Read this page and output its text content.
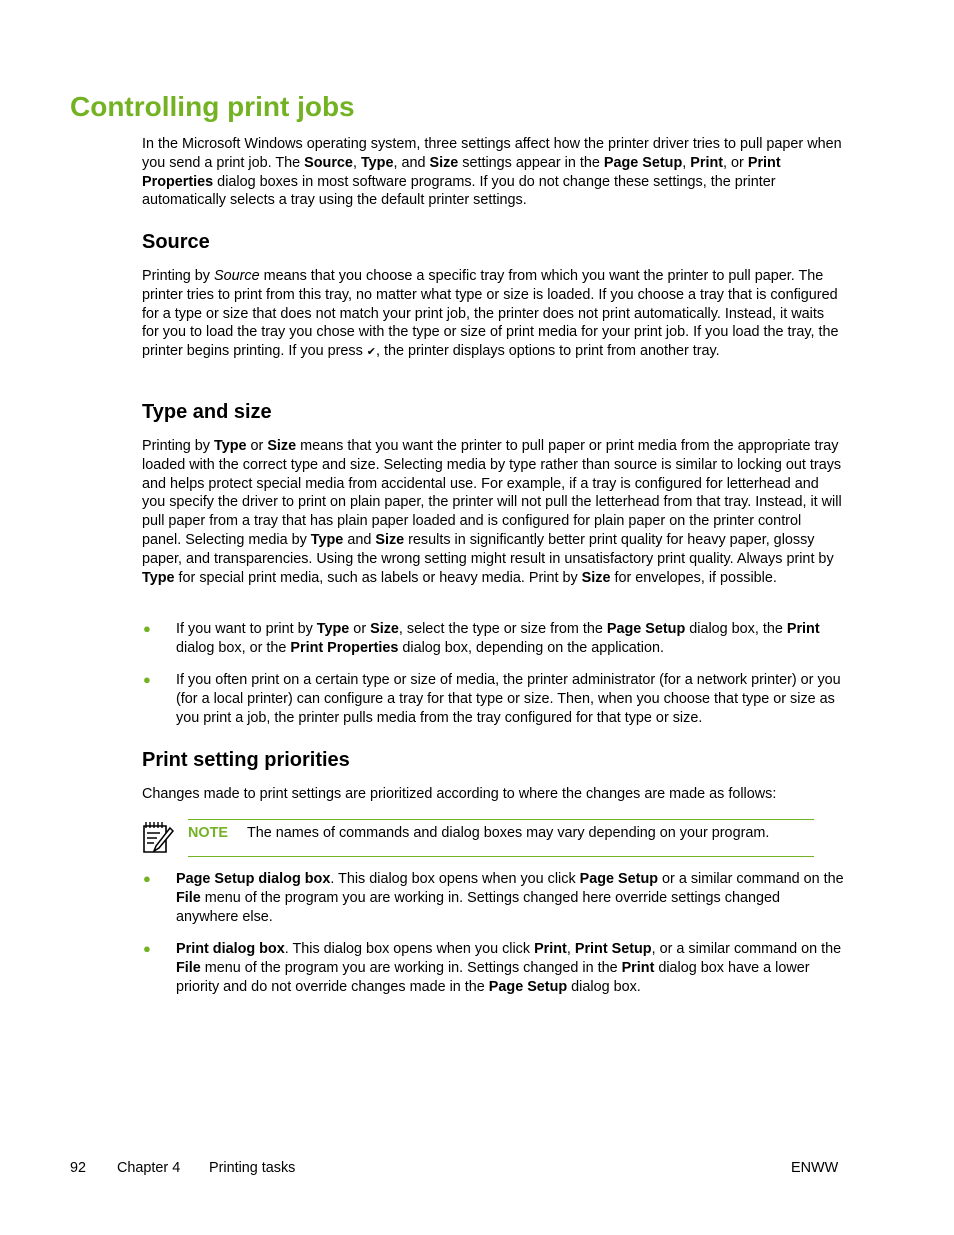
Controlling print jobs

In the Microsoft Windows operating system, three settings affect how the printer driver tries to pull paper when you send a print job. The Source, Type, and Size settings appear in the Page Setup, Print, or Print Properties dialog boxes in most software programs. If you do not change these settings, the printer automatically selects a tray using the default printer settings.

Source

Printing by Source means that you choose a specific tray from which you want the printer to pull paper. The printer tries to print from this tray, no matter what type or size is loaded. If you choose a tray that is configured for a type or size that does not match your print job, the printer does not print automatically. Instead, it waits for you to load the tray you chose with the type or size of print media for your print job. If you load the tray, the printer begins printing. If you press ✔, the printer displays options to print from another tray.

Type and size

Printing by Type or Size means that you want the printer to pull paper or print media from the appropriate tray loaded with the correct type and size. Selecting media by type rather than source is similar to locking out trays and helps protect special media from accidental use. For example, if a tray is configured for letterhead and you specify the driver to print on plain paper, the printer will not pull the letterhead from that tray. Instead, it will pull paper from a tray that has plain paper loaded and is configured for plain paper on the printer control panel. Selecting media by Type and Size results in significantly better print quality for heavy paper, glossy paper, and transparencies. Using the wrong setting might result in unsatisfactory print quality. Always print by Type for special print media, such as labels or heavy media. Print by Size for envelopes, if possible.

● If you want to print by Type or Size, select the type or size from the Page Setup dialog box, the Print dialog box, or the Print Properties dialog box, depending on the application.

● If you often print on a certain type or size of media, the printer administrator (for a network printer) or you (for a local printer) can configure a tray for that type or size. Then, when you choose that type or size as you print a job, the printer pulls media from the tray configured for that type or size.

Print setting priorities

Changes made to print settings are prioritized according to where the changes are made as follows:

NOTE The names of commands and dialog boxes may vary depending on your program.
● Page Setup dialog box. This dialog box opens when you click Page Setup or a similar command on the File menu of the program you are working in. Settings changed here override settings changed anywhere else.

● Print dialog box. This dialog box opens when you click Print, Print Setup, or a similar command on the File menu of the program you are working in. Settings changed in the Print dialog box have a lower priority and do not override changes made in the Page Setup dialog box.

92 Chapter 4 Printing tasks	ENWW
